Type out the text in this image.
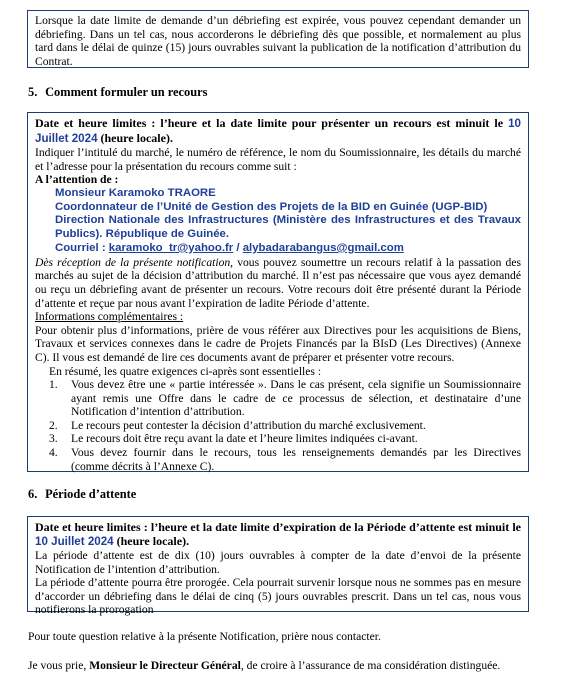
Lorsque la date limite de demande d’un débriefing est expirée, vous pouvez cependant demander un débriefing. Dans un tel cas, nous accorderons le débriefing dès que possible, et normalement au plus tard dans le délai de quinze (15) jours ouvrables suivant la publication de la notification d’attribution du Contrat.
5. Comment formuler un recours
Date et heure limites : l’heure et la date limite pour présenter un recours est minuit le 10 Juillet 2024 (heure locale).
Indiquer l’intitulé du marché, le numéro de référence, le nom du Soumissionnaire, les détails du marché et l’adresse pour la présentation du recours comme suit :
A l’attention de :
Monsieur Karamoko TRAORE
Coordonnateur de l’Unité de Gestion des Projets de la BID en Guinée (UGP-BID)
Direction Nationale des Infrastructures (Ministère des Infrastructures et des Travaux Publics). République de Guinée.
Courriel : karamoko_tr@yahoo.fr / alybadarabangus@gmail.com
Dès réception de la présente notification, vous pouvez soumettre un recours relatif à la passation des marchés au sujet de la décision d’attribution du marché. Il n’est pas nécessaire que vous ayez demandé ou reçu un débriefing avant de présenter un recours. Votre recours doit être présenté durant la Période d’attente et reçue par nous avant l’expiration de ladite Période d’attente.
Informations complémentaires :
Pour obtenir plus d’informations, prière de vous référer aux Directives pour les acquisitions de Biens, Travaux et services connexes dans le cadre de Projets Financés par la BIsD (Les Directives) (Annexe C). Il vous est demandé de lire ces documents avant de préparer et présenter votre recours.
En résumé, les quatre exigences ci-après sont essentielles :
1. Vous devez être une « partie intéressée ». Dans le cas présent, cela signifie un Soumissionnaire ayant remis une Offre dans le cadre de ce processus de sélection, et destinataire d’une Notification d’intention d’attribution.
2. Le recours peut contester la décision d’attribution du marché exclusivement.
3. Le recours doit être reçu avant la date et l’heure limites indiquées ci-avant.
4. Vous devez fournir dans le recours, tous les renseignements demandés par les Directives (comme décrits à l’Annexe C).
6. Période d’attente
Date et heure limites : l’heure et la date limite d’expiration de la Période d’attente est minuit le 10 Juillet 2024 (heure locale).
La période d’attente est de dix (10) jours ouvrables à compter de la date d’envoi de la présente Notification de l’intention d’attribution.
La période d’attente pourra être prorogée. Cela pourrait survenir lorsque nous ne sommes pas en mesure d’accorder un débriefing dans le délai de cinq (5) jours ouvrables prescrit. Dans un tel cas, nous vous notifierons la prorogation
Pour toute question relative à la présente Notification, prière nous contacter.
Je vous prie, Monsieur le Directeur Général, de croire à l’assurance de ma considération distinguée.
